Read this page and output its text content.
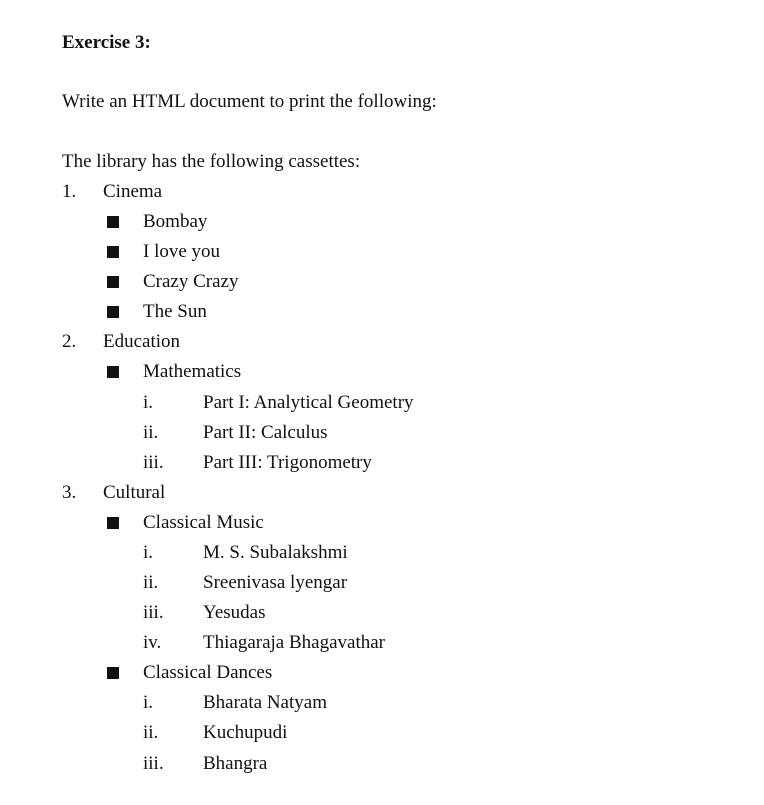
Exercise 3:
Write an HTML document to print the following:
The library has the following cassettes:
1. Cinema
Bombay
I love you
Crazy Crazy
The Sun
2. Education
Mathematics
i.	Part I: Analytical Geometry
ii. Part II: Calculus
iii. Part III: Trigonometry
3. Cultural
Classical Music
i.	M. S. Subalakshmi
ii. Sreenivasa lyengar
iii. Yesudas
iv. Thiagaraja Bhagavathar
Classical Dances
i.	Bharata Natyam
ii. Kuchupudi
iii. Bhangra
